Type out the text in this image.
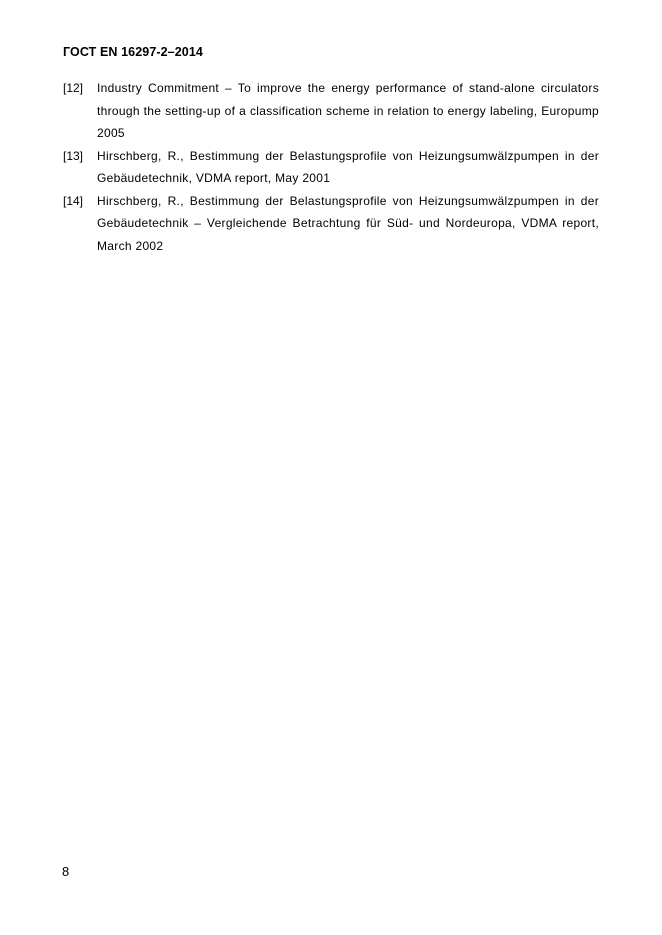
ГОСТ EN 16297-2–2014
[12]	Industry Commitment – To improve the energy performance of stand-alone circulators through the setting-up of a classification scheme in relation to energy labeling, Europump 2005
[13]	Hirschberg, R., Bestimmung der Belastungsprofile von Heizungsumwälzpumpen in der Gebäudetechnik, VDMA report, May 2001
[14]	Hirschberg, R., Bestimmung der Belastungsprofile von Heizungsumwälzpumpen in der Gebäudetechnik – Vergleichende Betrachtung für Süd- und Nordeuropa, VDMA report, March 2002
8
